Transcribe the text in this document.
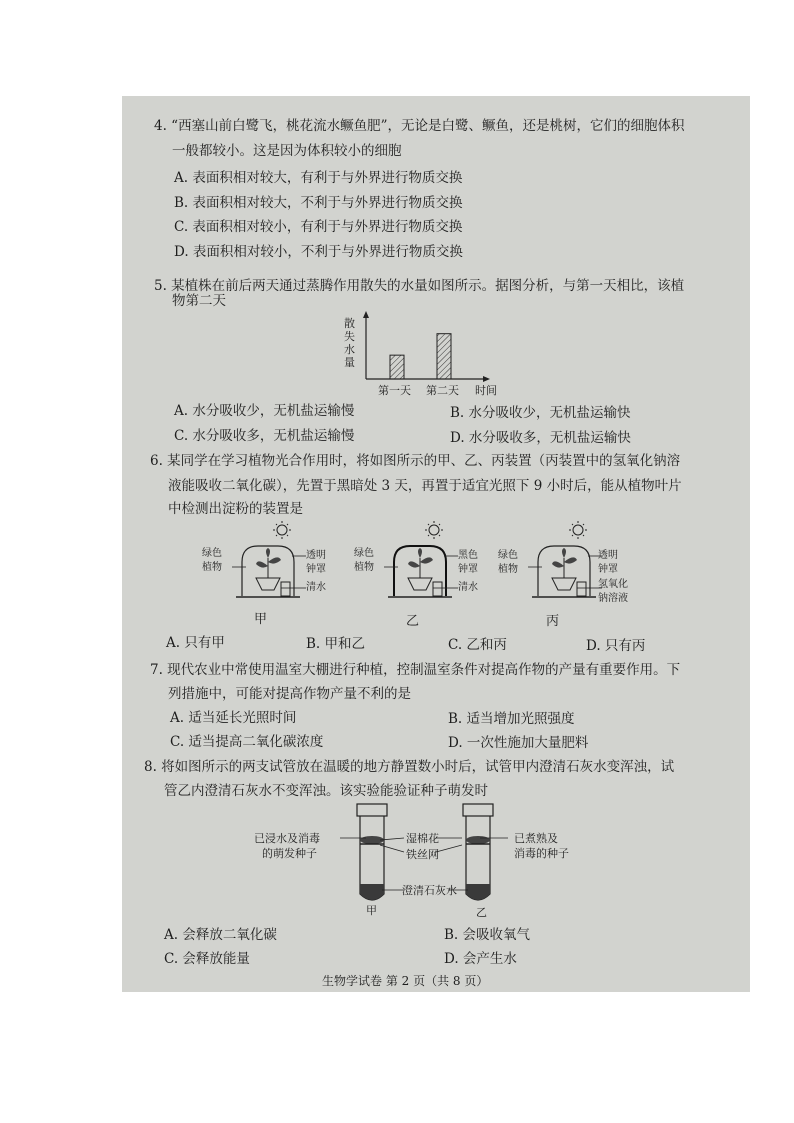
4. “西塞山前白鹭飞，桃花流水鳜鱼肥”，无论是白鹭、鳜鱼，还是桃树，它们的细胞体积
一般都较小。这是因为体积较小的细胞
A. 表面积相对较大，有利于与外界进行物质交换
B. 表面积相对较大，不利于与外界进行物质交换
C. 表面积相对较小，有利于与外界进行物质交换
D. 表面积相对较小，不利于与外界进行物质交换
5. 某植株在前后两天通过蒸腾作用散失的水量如图所示。据图分析，与第一天相比，该植
物第二天
散失水量
第一天 第二天 时间
A. 水分吸收少，无机盐运输慢	B. 水分吸收少，无机盐运输快
C. 水分吸收多，无机盐运输慢	D. 水分吸收多，无机盐运输快
6. 某同学在学习植物光合作用时，将如图所示的甲、乙、丙装置（丙装置中的氢氧化钠溶
液能吸收二氧化碳），先置于黑暗处 3 天，再置于适宜光照下 9 小时后，能从植物叶片
中检测出淀粉的装置是
绿色
植物
透明
钟罩
清水
甲
绿色
植物
黑色
钟罩
清水
乙
绿色
植物
透明
钟罩
氢氧化
钠溶液
丙
A. 只有甲	B. 甲和乙	C. 乙和丙	D. 只有丙
7. 现代农业中常使用温室大棚进行种植，控制温室条件对提高作物的产量有重要作用。下
列措施中，可能对提高作物产量不利的是
A. 适当延长光照时间	B. 适当增加光照强度
C. 适当提高二氧化碳浓度	D. 一次性施加大量肥料
8. 将如图所示的两支试管放在温暖的地方静置数小时后，试管甲内澄清石灰水变浑浊，试
管乙内澄清石灰水不变浑浊。该实验能验证种子萌发时
已浸水及消毒
的萌发种子
湿棉花
铁丝网
澄清石灰水
已煮熟及
消毒的种子
甲	乙
A. 会释放二氧化碳	B. 会吸收氧气
C. 会释放能量	D. 会产生水
生物学试卷 第 2 页（共 8 页）
